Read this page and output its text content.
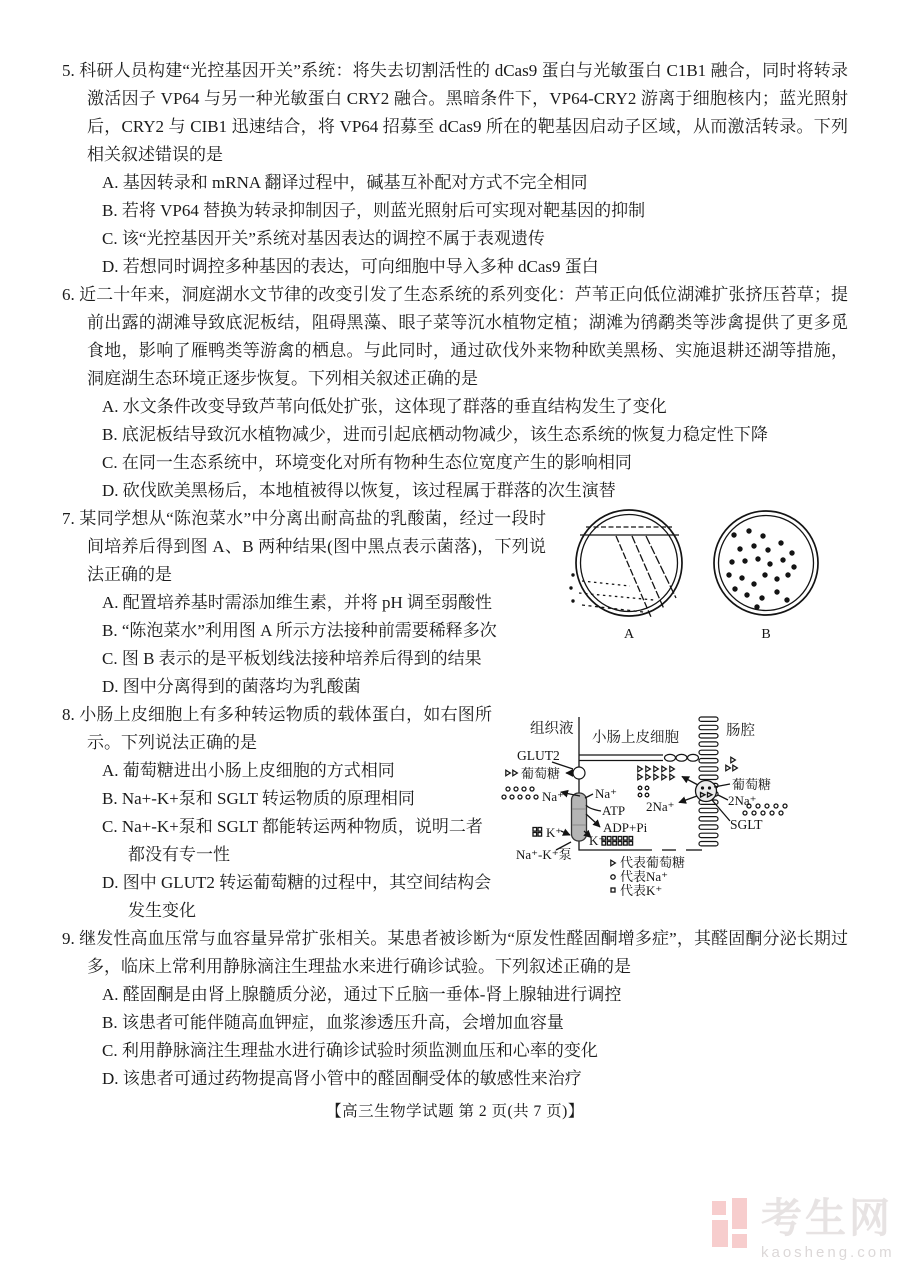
5. 科研人员构建“光控基因开关”系统：将失去切割活性的 dCas9 蛋白与光敏蛋白 C1B1 融合，同时将转录激活因子 VP64 与另一种光敏蛋白 CRY2 融合。黑暗条件下，VP64-CRY2 游离于细胞核内；蓝光照射后，CRY2 与 CIB1 迅速结合，将 VP64 招募至 dCas9 所在的靶基因启动子区域，从而激活转录。下列相关叙述错误的是

A. 基因转录和 mRNA 翻译过程中，碱基互补配对方式不完全相同

B. 若将 VP64 替换为转录抑制因子，则蓝光照射后可实现对靶基因的抑制

C. 该“光控基因开关”系统对基因表达的调控不属于表观遗传

D. 若想同时调控多种基因的表达，可向细胞中导入多种 dCas9 蛋白

6. 近二十年来，洞庭湖水文节律的改变引发了生态系统的系列变化：芦苇正向低位湖滩扩张挤压苔草；提前出露的湖滩导致底泥板结，阻碍黑藻、眼子菜等沉水植物定植；湖滩为鸻鹬类等涉禽提供了更多觅食地，影响了雁鸭类等游禽的栖息。与此同时，通过砍伐外来物种欧美黑杨、实施退耕还湖等措施，洞庭湖生态环境正逐步恢复。下列相关叙述正确的是

A. 水文条件改变导致芦苇向低处扩张，这体现了群落的垂直结构发生了变化

B. 底泥板结导致沉水植物减少，进而引起底栖动物减少，该生态系统的恢复力稳定性下降

C. 在同一生态系统中，环境变化对所有物种生态位宽度产生的影响相同

D. 砍伐欧美黑杨后，本地植被得以恢复，该过程属于群落的次生演替

A	B

7. 某同学想从“陈泡菜水”中分离出耐高盐的乳酸菌，经过一段时间培养后得到图 A、B 两种结果(图中黑点表示菌落)，下列说法正确的是

A. 配置培养基时需添加维生素，并将 pH 调至弱酸性

B. “陈泡菜水”利用图 A 所示方法接种前需要稀释多次

C. 图 B 表示的是平板划线法接种培养后得到的结果

D. 图中分离得到的菌落均为乳酸菌

组织液
小肠上皮细胞	肠腔
GLUT2
葡萄糖
Na⁺ Na⁺
ATP
ADP+Pi
K⁺
K⁺
Na⁺-K⁺泵
葡萄糖
2Na⁺	2Na⁺
SGLT
代表葡萄糖
代表Na⁺
代表K⁺

8. 小肠上皮细胞上有多种转运物质的载体蛋白，如右图所示。下列说法正确的是

A. 葡萄糖进出小肠上皮细胞的方式相同

B. Na+-K+泵和 SGLT 转运物质的原理相同

C. Na+-K+泵和 SGLT 都能转运两种物质，说明二者都没有专一性

D. 图中 GLUT2 转运葡萄糖的过程中，其空间结构会发生变化

9. 继发性高血压常与血容量异常扩张相关。某患者被诊断为“原发性醛固酮增多症”，其醛固酮分泌长期过多，临床上常利用静脉滴注生理盐水来进行确诊试验。下列叙述正确的是

A. 醛固酮是由肾上腺髓质分泌，通过下丘脑一垂体-肾上腺轴进行调控

B. 该患者可能伴随高血钾症，血浆渗透压升高，会增加血容量

C. 利用静脉滴注生理盐水进行确诊试验时须监测血压和心率的变化

D. 该患者可通过药物提高肾小管中的醛固酮受体的敏感性来治疗

【高三生物学试题 第 2 页(共 7 页)】
考生网
kaosheng.com
